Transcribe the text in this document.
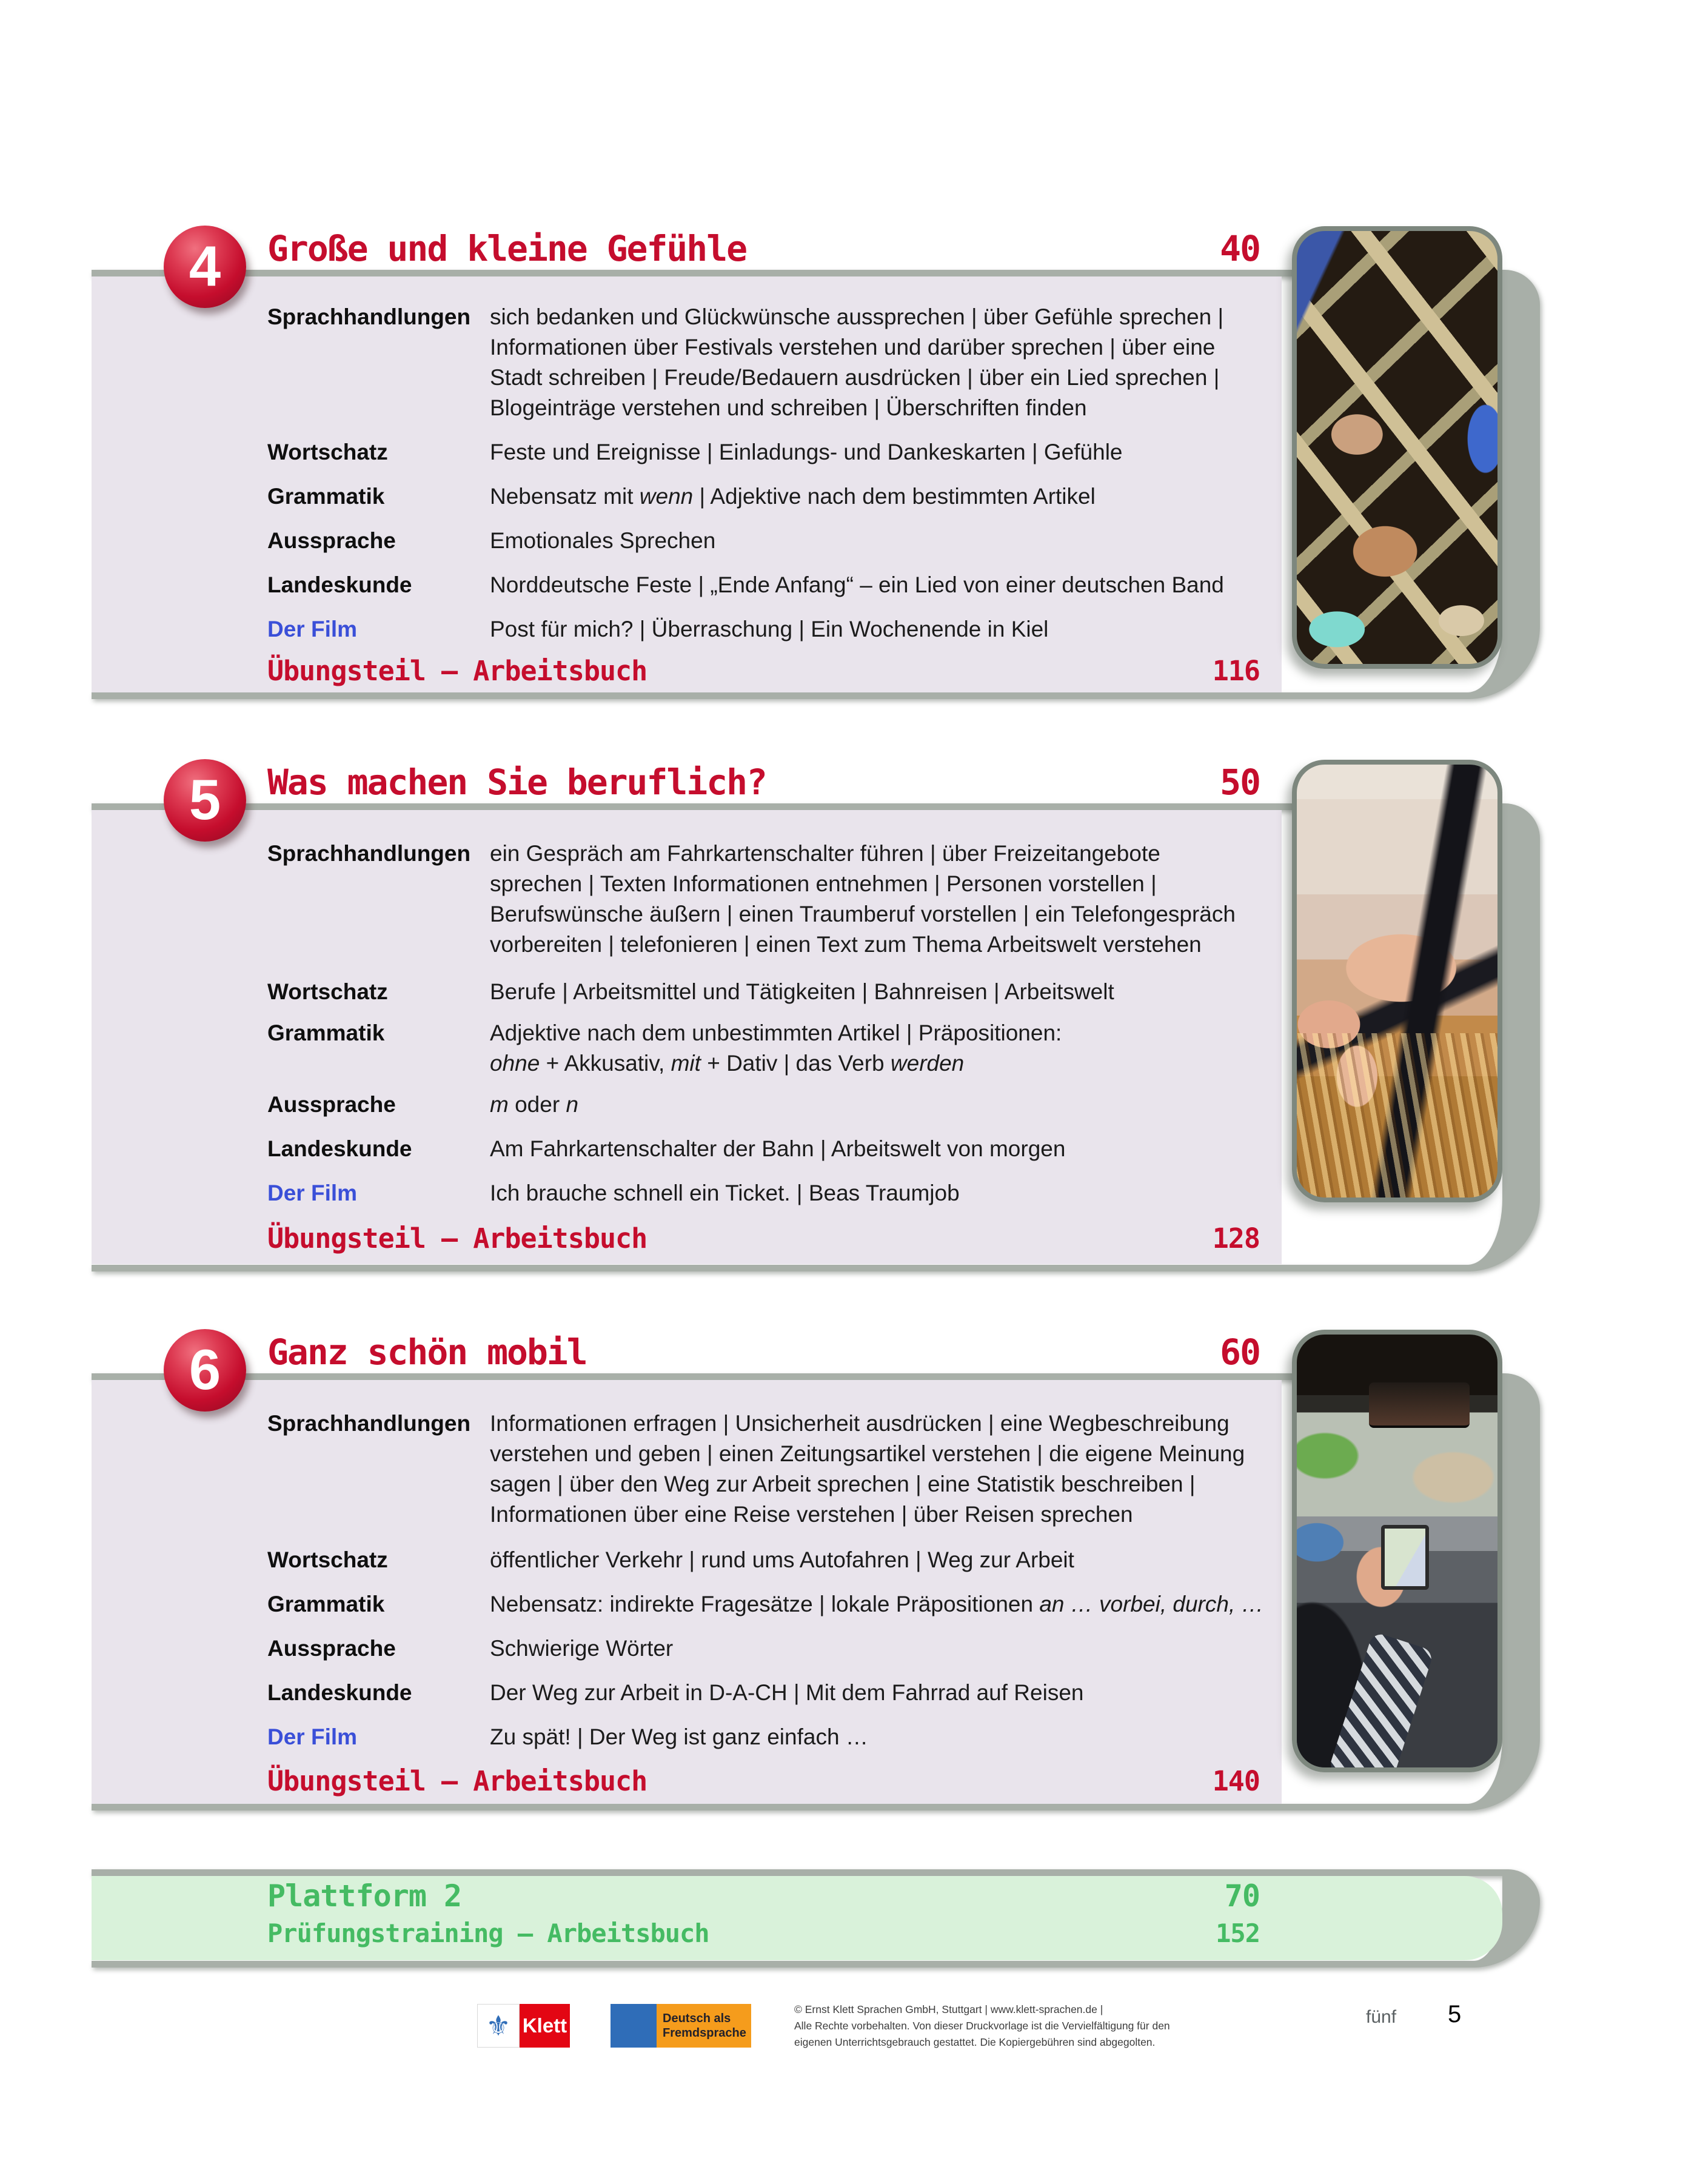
Sprachhandlungen sich bedanken und Glückwünsche aussprechen | über Gefühle sprechen |
Informationen über Festivals verstehen und darüber sprechen | über eine
Stadt schreiben | Freude/Bedauern ausdrücken | über ein Lied sprechen |
Blogeinträge verstehen und schreiben | Überschriften finden
Wortschatz	Feste und Ereignisse | Einladungs- und Dankeskarten | Gefühle
Grammatik	Nebensatz mit wenn | Adjektive nach dem bestimmten Artikel
Aussprache	Emotionales Sprechen
Landeskunde	Norddeutsche Feste | „Ende Anfang“ – ein Lied von einer deutschen Band
Der Film	Post für mich? | Überraschung | Ein Wochenende in Kiel
Übungsteil – Arbeitsbuch	116
4	Große und kleine Gefühle	40
Sprachhandlungen ein Gespräch am Fahrkartenschalter führen | über Freizeitangebote
sprechen | Texten Informationen entnehmen | Personen vorstellen |
Berufswünsche äußern | einen Traumberuf vorstellen | ein Telefongespräch
vorbereiten | telefonieren | einen Text zum Thema Arbeitswelt verstehen
Wortschatz	Berufe | Arbeitsmittel und Tätigkeiten | Bahnreisen | Arbeitswelt
Grammatik	Adjektive nach dem unbestimmten Artikel | Präpositionen:
ohne + Akkusativ, mit + Dativ | das Verb werden
Aussprache	m oder n
Landeskunde	Am Fahrkartenschalter der Bahn | Arbeitswelt von morgen
Der Film	Ich brauche schnell ein Ticket. | Beas Traumjob
Übungsteil – Arbeitsbuch	128
5	Was machen Sie beruflich?	50
Sprachhandlungen Informationen erfragen | Unsicherheit ausdrücken | eine Wegbeschreibung
verstehen und geben | einen Zeitungsartikel verstehen | die eigene Meinung
sagen | über den Weg zur Arbeit sprechen | eine Statistik beschreiben |
Informationen über eine Reise verstehen | über Reisen sprechen
Wortschatz	öffentlicher Verkehr | rund ums Autofahren | Weg zur Arbeit
Grammatik	Nebensatz: indirekte Fragesätze | lokale Präpositionen an … vorbei, durch, …
Aussprache	Schwierige Wörter
Landeskunde	Der Weg zur Arbeit in D-A-CH | Mit dem Fahrrad auf Reisen
Der Film	Zu spät! | Der Weg ist ganz einfach …
Übungsteil – Arbeitsbuch	140
6	Ganz schön mobil	60
Plattform 2	70
Prüfungstraining – Arbeitsbuch	152
⚜ Klett	Deutsch als
Fremdsprache
© Ernst Klett Sprachen GmbH, Stuttgart | www.klett-sprachen.de |
Alle Rechte vorbehalten. Von dieser Druckvorlage ist die Vervielfältigung für den
eigenen Unterrichtsgebrauch gestattet. Die Kopiergebühren sind abgegolten.
fünf 5
